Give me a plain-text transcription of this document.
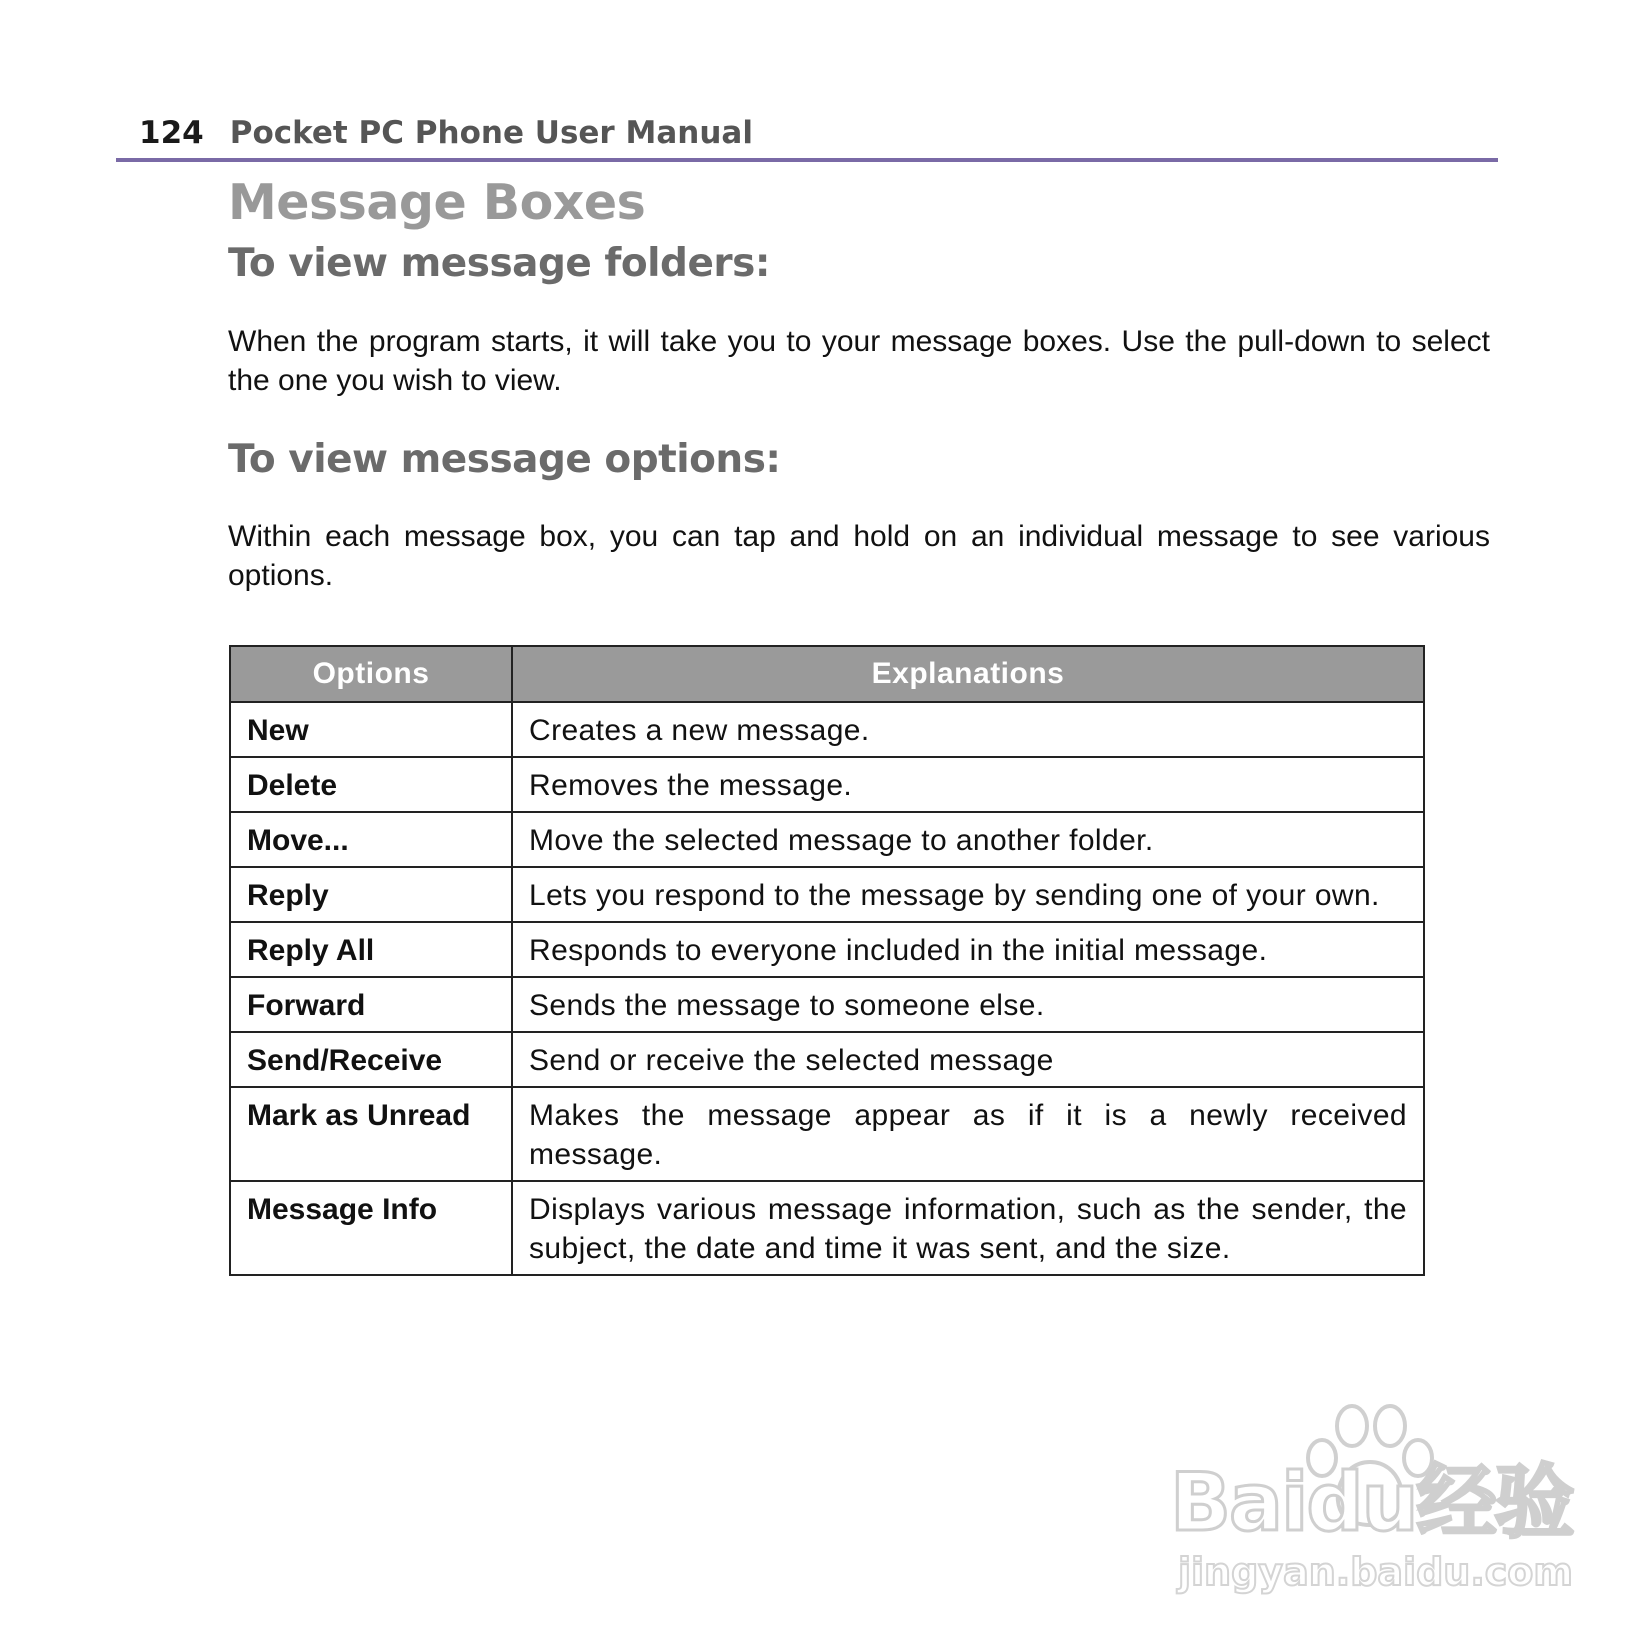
124 Pocket PC Phone User Manual
Message Boxes
To view message folders:

When the program starts, it will take you to your message boxes. Use the pull-down to select the one you wish to view.

To view message options:

Within each message box, you can tap and hold on an individual message to see various options.

Options	Explanations
New	Creates a new message.
Delete	Removes the message.
Move...	Move the selected message to another folder.
Reply	Lets you respond to the message by sending one of your own.
Reply All	Responds to everyone included in the initial message.
Forward	Sends the message to someone else.
Send/Receive	Send or receive the selected message
Mark as Unread	Makes the message appear as if it is a newly received message.
Message Info	Displays various message information, such as the sender, the subject, the date and time it was sent, and the size.
Baidu经验
jingyan.baidu.com
